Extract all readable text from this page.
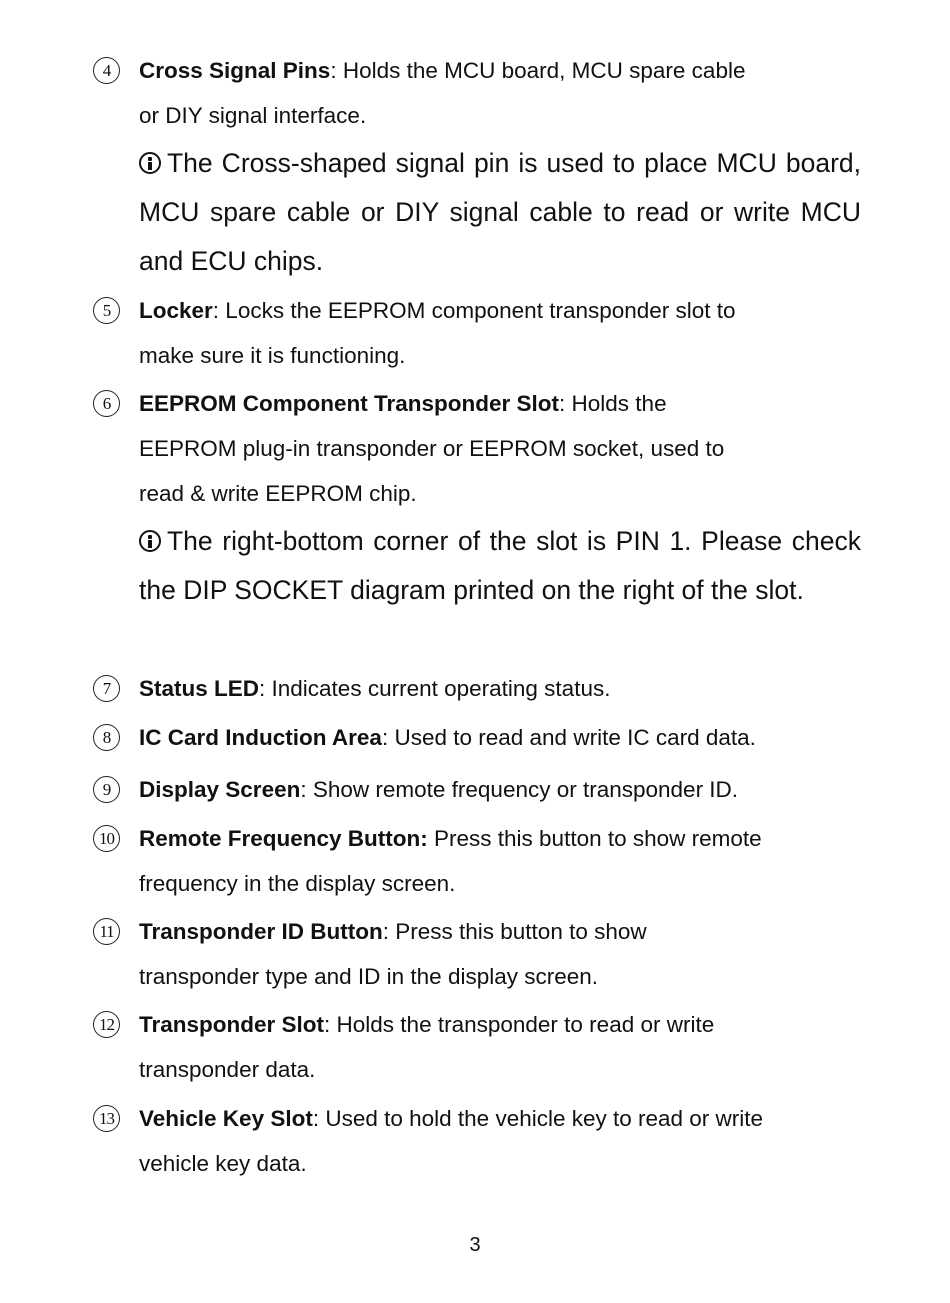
4	Cross Signal Pins: Holds the MCU board, MCU spare cable

or DIY signal interface.

The Cross-shaped signal pin is used to place MCU board, MCU spare cable or DIY signal cable to read or write MCU and ECU chips.

5	Locker: Locks the EEPROM component transponder slot to

make sure it is functioning.

6	EEPROM Component Transponder Slot: Holds the

EEPROM plug-in transponder or EEPROM socket, used to

read & write EEPROM chip.

The right-bottom corner of the slot is PIN 1. Please check the DIP SOCKET diagram printed on the right of the slot.

7	Status LED: Indicates current operating status.

8	IC Card Induction Area: Used to read and write IC card data.

9	Display Screen: Show remote frequency or transponder ID.

10 Remote Frequency Button: Press this button to show remote

frequency in the display screen.

11 Transponder ID Button: Press this button to show

transponder type and ID in the display screen.

12 Transponder Slot: Holds the transponder to read or write

transponder data.

13 Vehicle Key Slot: Used to hold the vehicle key to read or write

vehicle key data.

3
